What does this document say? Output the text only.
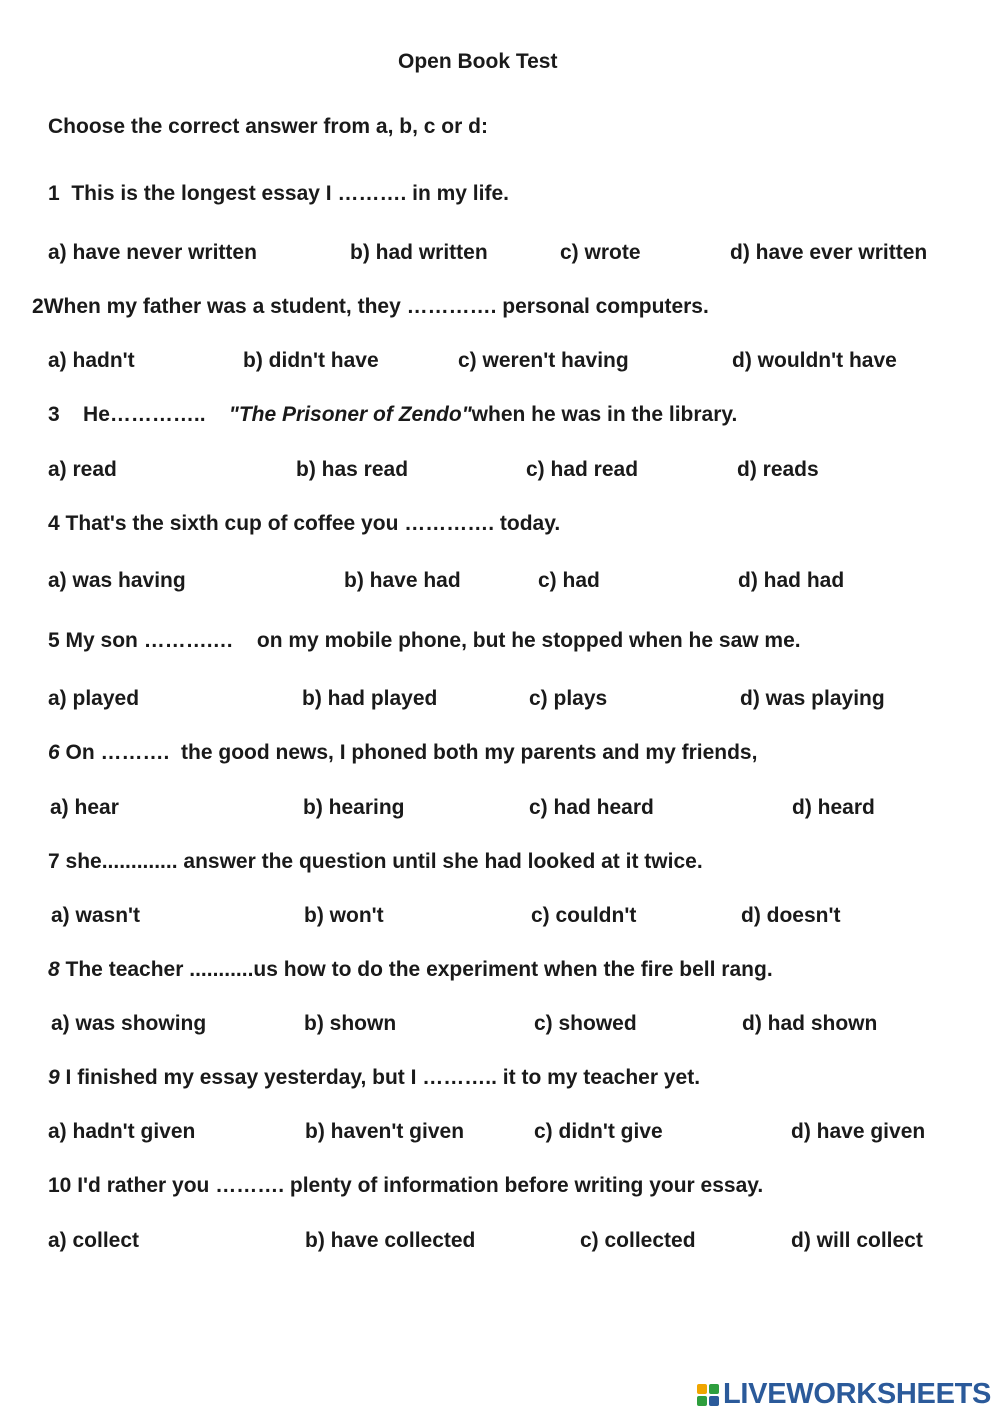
Open Book Test
Choose the correct answer from a, b, c or d:
1 This is the longest essay I ………. in my life.
a) have never written	b) had written	c) wrote	d) have ever written
2When my father was a student, they …………. personal computers.
a) hadn't	b) didn't have	c) weren't having	d) wouldn't have
3 He………….. "The Prisoner of Zendo"when he was in the library.
a) read	b) has read	c) had read	d) reads
4 That's the sixth cup of coffee you …………. today.
a) was having	b) have had	c) had	d) had had
5 My son ……….… on my mobile phone, but he stopped when he saw me.
a) played	b) had played	c) plays	d) was playing
6 On ………. the good news, I phoned both my parents and my friends,
a) hear	b) hearing	c) had heard	d) heard
7 she............. answer the question until she had looked at it twice.
a) wasn't	b) won't	c) couldn't	d) doesn't
8 The teacher ...........us how to do the experiment when the fire bell rang.
a) was showing	b) shown	c) showed	d) had shown
9 I finished my essay yesterday, but I ……….. it to my teacher yet.
a) hadn't given	b) haven't given	c) didn't give	d) have given
10 I'd rather you ………. plenty of information before writing your essay.
a) collect	b) have collected	c) collected	d) will collect
LIVEWORKSHEETS
